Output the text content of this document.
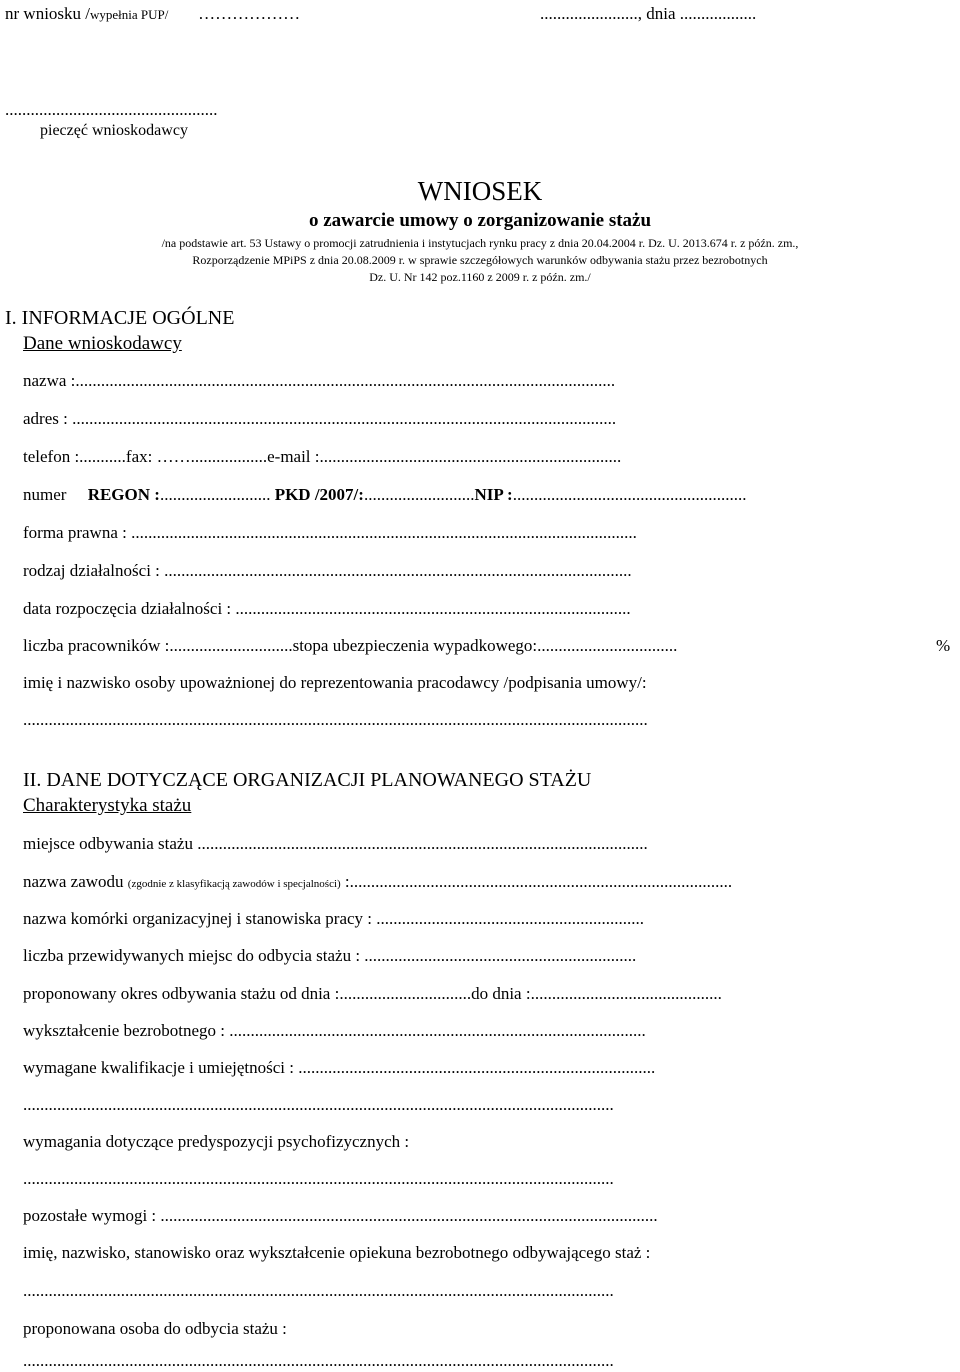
nr wniosku /wypełnia PUP/ ………………	......................., dnia ..................
..................................................
pieczęć wnioskodawcy
WNIOSEK
o zawarcie umowy o zorganizowanie stażu
/na podstawie art. 53 Ustawy o promocji zatrudnienia i instytucjach rynku pracy z dnia 20.04.2004 r. Dz. U. 2013.674 r. z późn. zm.,
Rozporządzenie MPiPS z dnia 20.08.2009 r. w sprawie szczegółowych warunków odbywania stażu przez bezrobotnych
Dz. U. Nr 142 poz.1160 z 2009 r. z późn. zm./
I. INFORMACJE OGÓLNE
Dane wnioskodawcy
nazwa :...............................................................................................................................
adres : ................................................................................................................................
telefon :...........fax: ……..................e-mail :.......................................................................
numer REGON :.......................... PKD /2007/:..........................NIP :.......................................................
forma prawna : .......................................................................................................................
rodzaj działalności : ..............................................................................................................
data rozpoczęcia działalności : .............................................................................................
liczba pracowników :.............................stopa ubezpieczenia wypadkowego:.................................	%
imię i nazwisko osoby upoważnionej do reprezentowania pracodawcy /podpisania umowy/:
...................................................................................................................................................
II. DANE DOTYCZĄCE ORGANIZACJI PLANOWANEGO STAŻU
Charakterystyka stażu
miejsce odbywania stażu ..........................................................................................................
nazwa zawodu (zgodnie z klasyfikacją zawodów i specjalności) :..........................................................................................
nazwa komórki organizacyjnej i stanowiska pracy : ...............................................................
liczba przewidywanych miejsc do odbycia stażu : ................................................................
proponowany okres odbywania stażu od dnia :...............................do dnia :.............................................
wykształcenie bezrobotnego : ..................................................................................................
wymagane kwalifikacje i umiejętności : ....................................................................................
...........................................................................................................................................
wymagania dotyczące predyspozycji psychofizycznych :
...........................................................................................................................................
pozostałe wymogi : .....................................................................................................................
imię, nazwisko, stanowisko oraz wykształcenie opiekuna bezrobotnego odbywającego staż :
...........................................................................................................................................
proponowana osoba do odbycia stażu :
...........................................................................................................................................
